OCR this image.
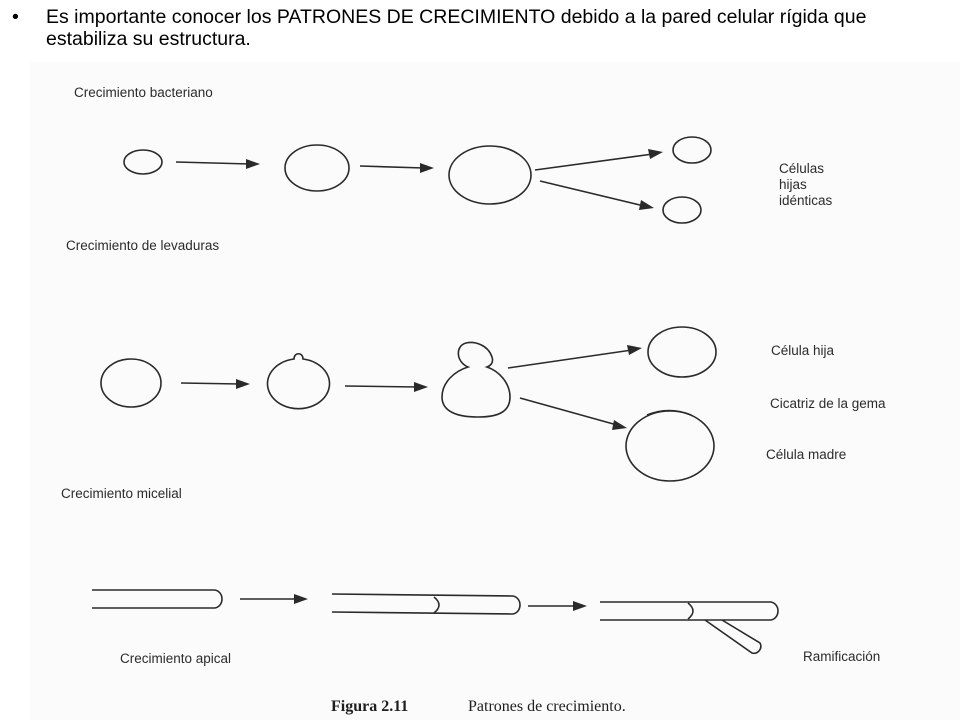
• Es importante conocer los PATRONES DE CRECIMIENTO debido a la pared celular rígida que estabiliza su estructura.
Crecimiento bacteriano
Células
hijas
idénticas
Crecimiento de levaduras
Célula hija
Cicatriz de la gema
Célula madre
Crecimiento micelial
Crecimiento apical	Ramificación
Figura 2.11	Patrones de crecimiento.
